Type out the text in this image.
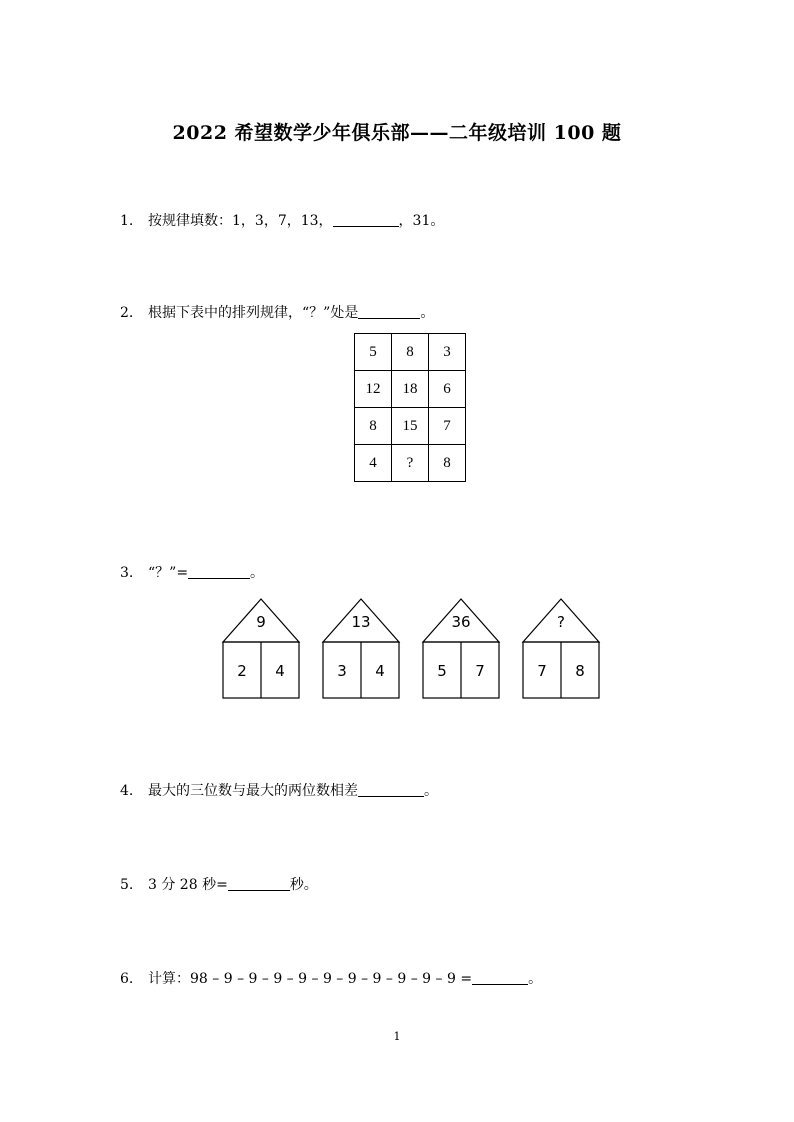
2022 希望数学少年俱乐部——二年级培训 100 题
1. 按规律填数：1，3，7，13，	，31。
2. 根据下表中的排列规律，“？”处是	。
5	8	3
12	18	6
8	15	7
4	?	8
3. “？”=	。
9
2 4
13
3 4
36
5 7
?
7 8
4. 最大的三位数与最大的两位数相差	。
5. 3 分 28 秒=	秒。
6. 计算：98 – 9 – 9 – 9 – 9 – 9 – 9 – 9 – 9 – 9 – 9 =	。
1
